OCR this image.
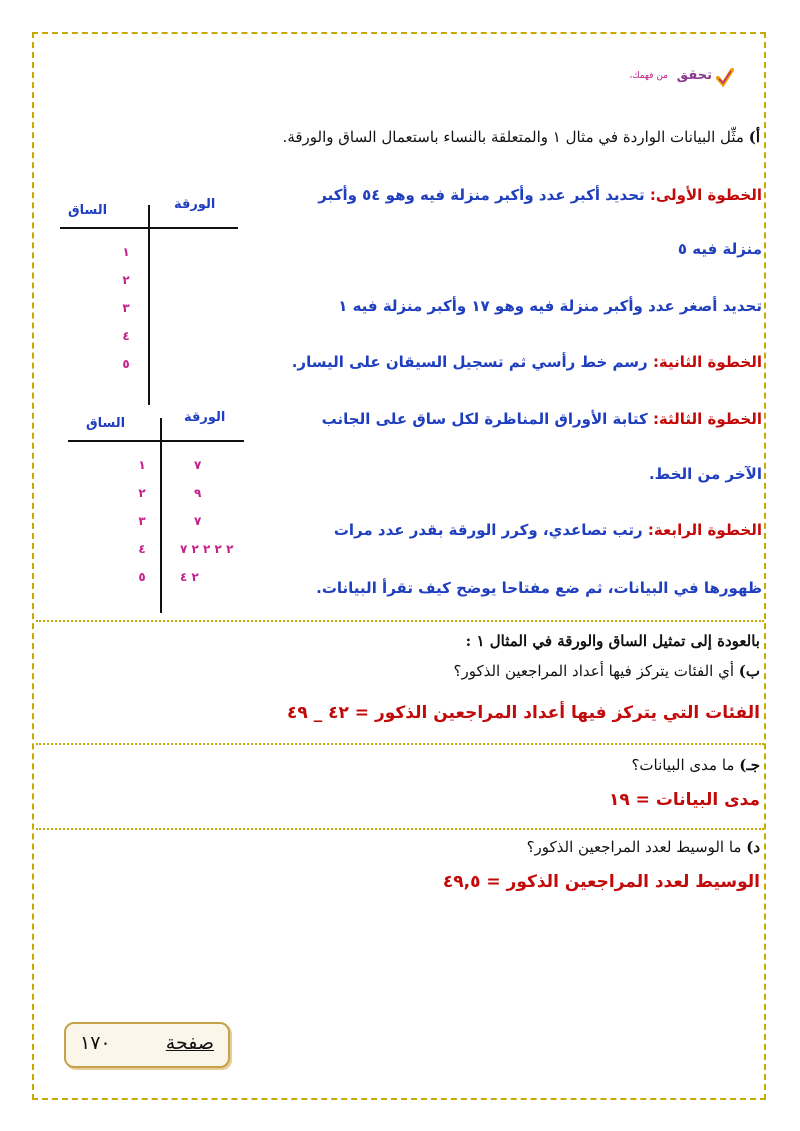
تحقق
من فهمك،
أ) مثِّل البيانات الواردة في مثال ١ والمتعلقة بالنساء باستعمال الساق والورقة.
الخطوة الأولى: تحديد أكبر عدد وأكبر منزلة فيه وهو ٥٤ وأكبر
منزلة فيه ٥
تحديد أصغر عدد وأكبر منزلة فيه وهو ١٧ وأكبر منزلة فيه ١
الخطوة الثانية: رسم خط رأسي ثم تسجيل السيقان على اليسار.
الخطوة الثالثة: كتابة الأوراق المناظرة لكل ساق على الجانب
الآخر من الخط.
الخطوة الرابعة: رتب تصاعدي، وكرر الورقة بقدر عدد مرات
ظهورها في البيانات، ثم ضع مفتاحا يوضح كيف تقرأ البيانات.
الساق	الورقة
١
٢
٣
٤
٥
الساق	الورقة
١	٧
٢	٩
٣	٧
٤	٢ ٢ ٢ ٢ ٧
٥	٢ ٤
بالعودة إلى تمثيل الساق والورقة في المثال ١ :
ب) أي الفئات يتركز فيها أعداد المراجعين الذكور؟
الفئات التي يتركز فيها أعداد المراجعين الذكور = ٤٢ _ ٤٩
جـ) ما مدى البيانات؟
مدى البيانات = ١٩
د) ما الوسيط لعدد المراجعين الذكور؟
الوسيط لعدد المراجعين الذكور = ٤٩,٥
صفحة
١٧٠
